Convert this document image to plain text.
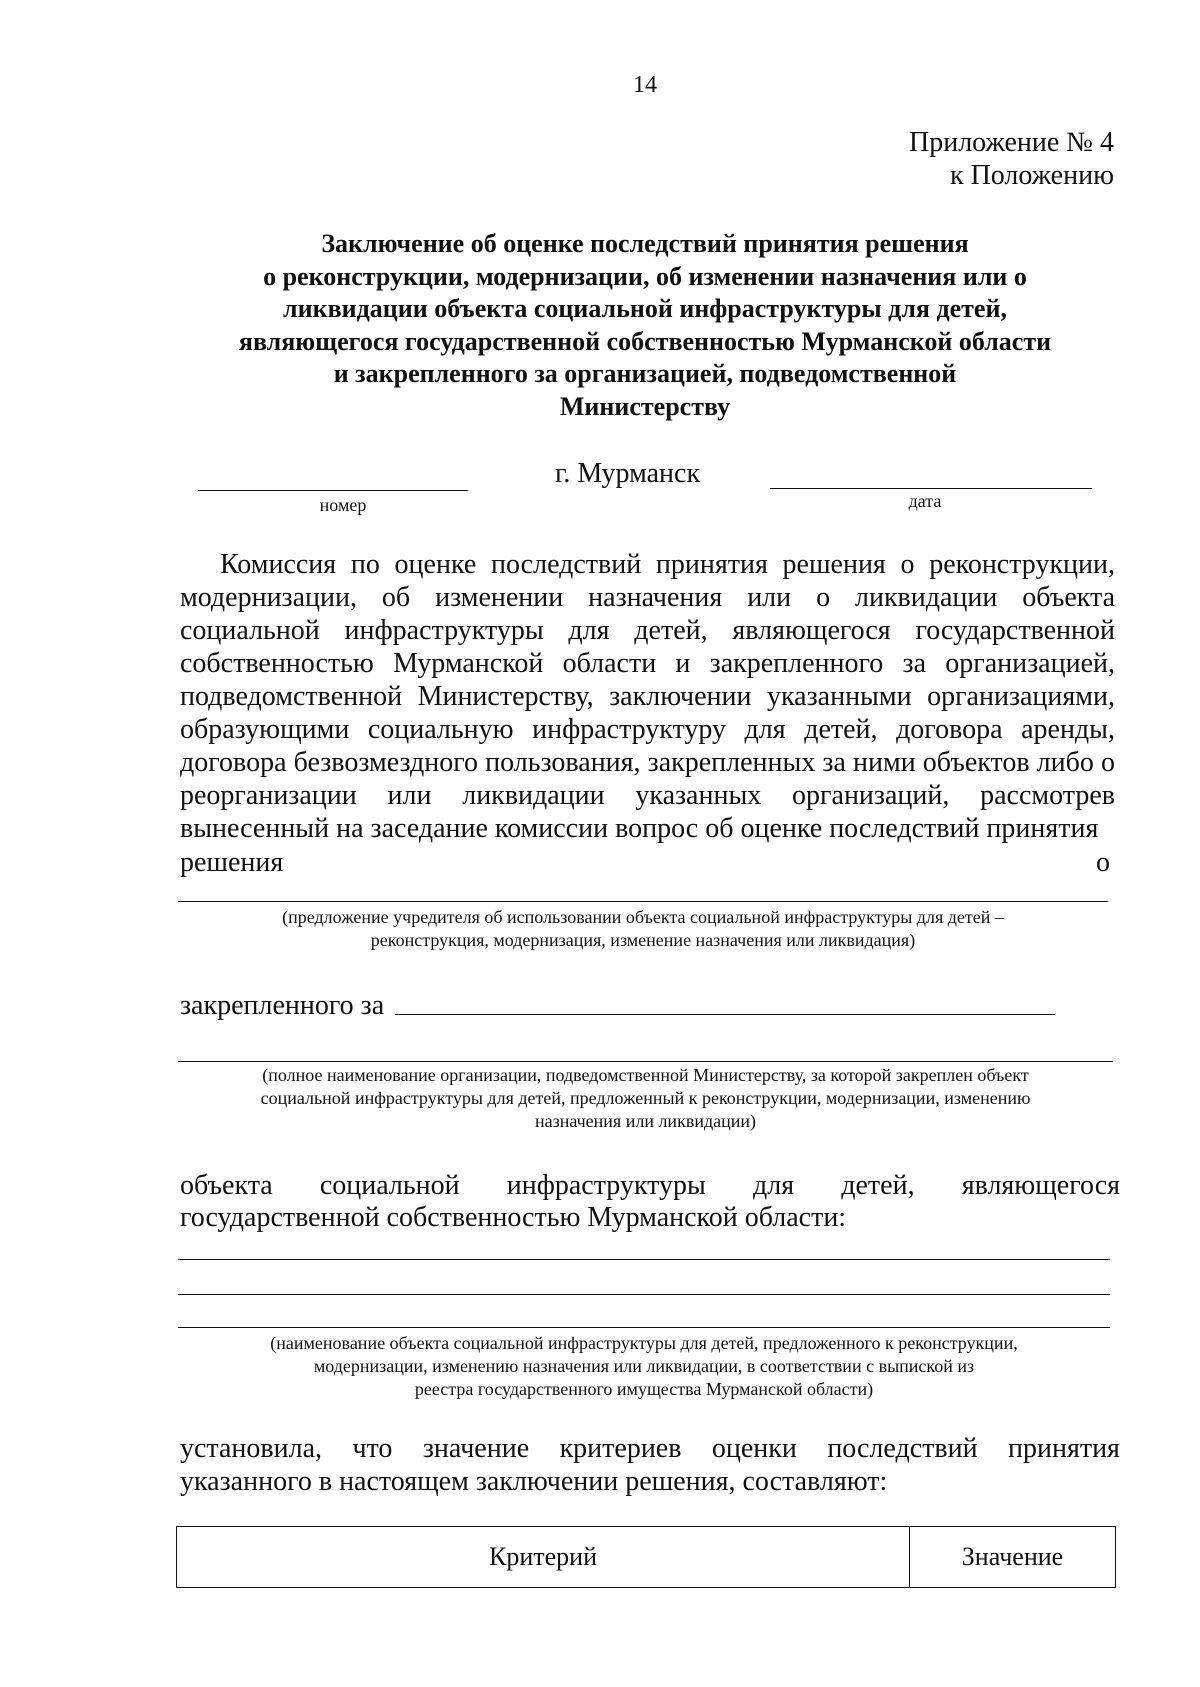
14
Приложение № 4
к Положению
Заключение об оценке последствий принятия решения
о реконструкции, модернизации, об изменении назначения или о
ликвидации объекта социальной инфраструктуры для детей,
являющегося государственной собственностью Мурманской области
и закрепленного за организацией, подведомственной
Министерству
номер
г. Мурманск
дата
Комиссия по оценке последствий принятия решения о реконструкции, модернизации, об изменении назначения или о ликвидации объекта социальной инфраструктуры для детей, являющегося государственной собственностью Мурманской области и закрепленного за организацией, подведомственной Министерству, заключении указанными организациями, образующими социальную инфраструктуру для детей, договора аренды, договора безвозмездного пользования, закрепленных за ними объектов либо о реорганизации или ликвидации указанных организаций, рассмотрев вынесенный на заседание комиссии вопрос об оценке последствий принятия
решения	о
(предложение учредителя об использовании объекта социальной инфраструктуры для детей –
реконструкция, модернизация, изменение назначения или ликвидация)
закрепленного за
(полное наименование организации, подведомственной Министерству, за которой закреплен объект
социальной инфраструктуры для детей, предложенный к реконструкции, модернизации, изменению
назначения или ликвидации)
объекта социальной инфраструктуры для детей, являющегося
государственной собственностью Мурманской области:
(наименование объекта социальной инфраструктуры для детей, предложенного к реконструкции,
модернизации, изменению назначения или ликвидации, в соответствии с выпиской из
реестра государственного имущества Мурманской области)
установила, что значение критериев оценки последствий принятия
указанного в настоящем заключении решения, составляют:
Критерий	Значение
